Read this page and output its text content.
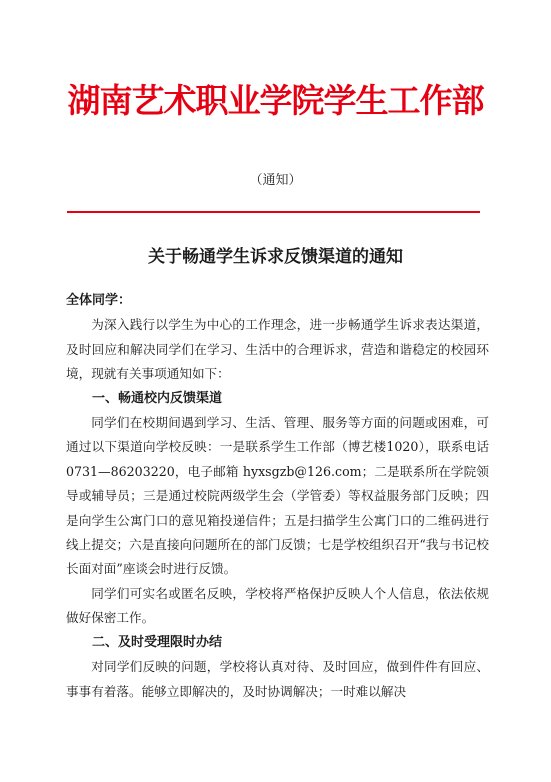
湖南艺术职业学院学生工作部
（通知）
关于畅通学生诉求反馈渠道的通知

全体同学：

为深入践行以学生为中心的工作理念，进一步畅通学生诉求表达渠道，及时回应和解决同学们在学习、生活中的合理诉求，营造和谐稳定的校园环境，现就有关事项通知如下：

一、畅通校内反馈渠道

同学们在校期间遇到学习、生活、管理、服务等方面的问题或困难，可通过以下渠道向学校反映：一是联系学生工作部（博艺楼1020），联系电话 0731—86203220，电子邮箱 hyxsgzb@126.com；二是联系所在学院领导或辅导员；三是通过校院两级学生会（学管委）等权益服务部门反映；四是向学生公寓门口的意见箱投递信件；五是扫描学生公寓门口的二维码进行线上提交；六是直接向问题所在的部门反馈；七是学校组织召开“我与书记校长面对面”座谈会时进行反馈。

同学们可实名或匿名反映，学校将严格保护反映人个人信息，依法依规做好保密工作。

二、及时受理限时办结

对同学们反映的问题，学校将认真对待、及时回应，做到件件有回应、事事有着落。能够立即解决的，及时协调解决；一时难以解决
